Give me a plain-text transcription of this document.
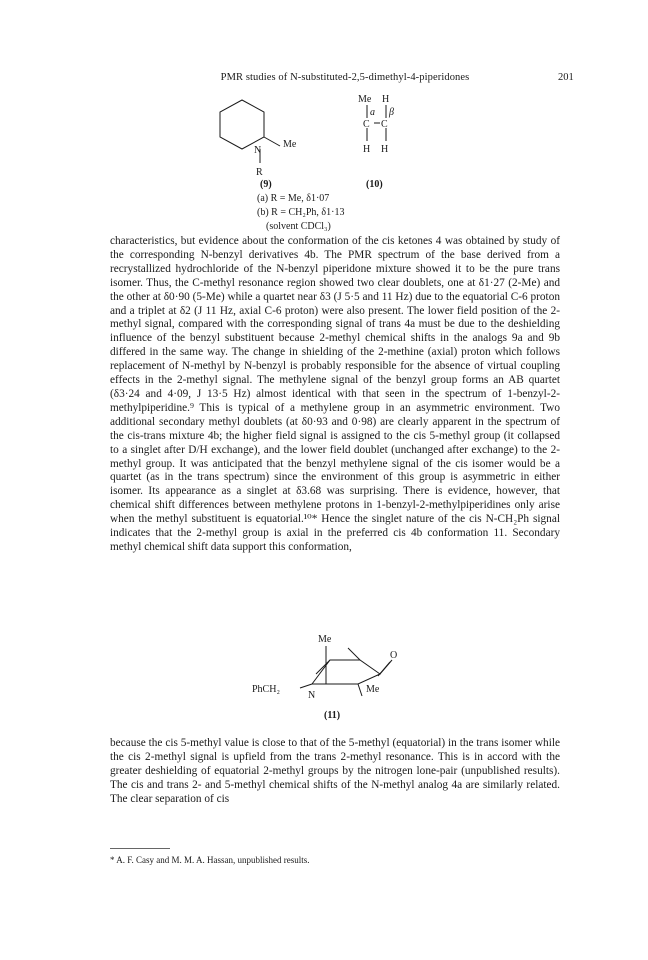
PMR studies of N-substituted-2,5-dimethyl-4-piperidones	201
N
Me
R
(9)
Me H
a β
C C
H H
(10)
(a) R = Me, δ1·07
(b) R = CH₂Ph, δ1·13
(solvent CDCl₃)

characteristics, but evidence about the conformation of the cis ketones 4 was obtained by study of the corresponding N-benzyl derivatives 4b. The PMR spectrum of the base derived from a recrystallized hydrochloride of the N-benzyl piperidone mixture showed it to be the pure trans isomer. Thus, the C-methyl resonance region showed two clear doublets, one at δ1·27 (2-Me) and the other at δ0·90 (5-Me) while a quartet near δ3 (J 5·5 and 11 Hz) due to the equatorial C-6 proton and a triplet at δ2 (J 11 Hz, axial C-6 proton) were also present. The lower field position of the 2-methyl signal, compared with the corresponding signal of trans 4a must be due to the deshielding influence of the benzyl substituent because 2-methyl chemical shifts in the analogs 9a and 9b differed in the same way. The change in shielding of the 2-methine (axial) proton which follows replacement of N-methyl by N-benzyl is probably responsible for the absence of virtual coupling effects in the 2-methyl signal. The methylene signal of the benzyl group forms an AB quartet (δ3·24 and 4·09, J 13·5 Hz) almost identical with that seen in the spectrum of 1-benzyl-2-methylpiperidine.⁹ This is typical of a methylene group in an asymmetric environment. Two additional secondary methyl doublets (at δ0·93 and 0·98) are clearly apparent in the spectrum of the cis-trans mixture 4b; the higher field signal is assigned to the cis 5-methyl group (it collapsed to a singlet after D/H exchange), and the lower field doublet (unchanged after exchange) to the 2-methyl group. It was anticipated that the benzyl methylene signal of the cis isomer would be a quartet (as in the trans spectrum) since the environment of this group is asymmetric in either isomer. Its appearance as a singlet at δ3.68 was surprising. There is evidence, however, that chemical shift differences between methylene protons in 1-benzyl-2-methylpiperidines only arise when the methyl substituent is equatorial.¹⁰* Hence the singlet nature of the cis N-CH₂Ph signal indicates that the 2-methyl group is axial in the preferred cis 4b conformation 11. Secondary methyl chemical shift data support this conformation,

Me
O
PhCH₂
N
Me
(11)

because the cis 5-methyl value is close to that of the 5-methyl (equatorial) in the trans isomer while the cis 2-methyl signal is upfield from the trans 2-methyl resonance. This is in accord with the greater deshielding of equatorial 2-methyl groups by the nitrogen lone-pair (unpublished results). The cis and trans 2- and 5-methyl chemical shifts of the N-methyl analog 4a are similarly related. The clear separation of cis

* A. F. Casy and M. M. A. Hassan, unpublished results.
